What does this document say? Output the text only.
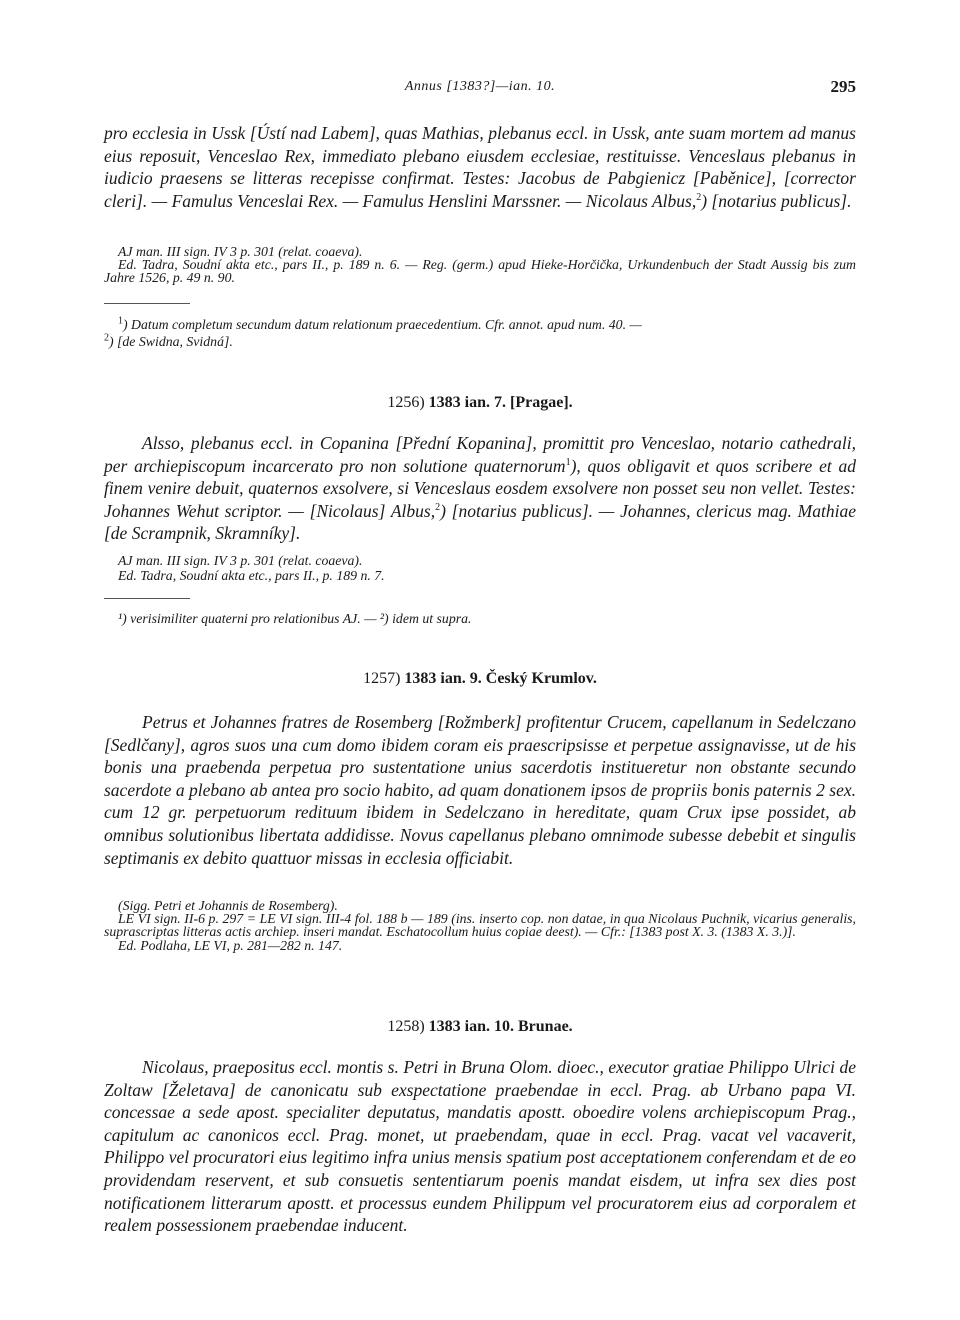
Annus [1383?]—ian. 10.	295

pro ecclesia in Ussk [Ústí nad Labem], quas Mathias, plebanus eccl. in Ussk, ante suam mortem ad manus eius reposuit, Venceslao Rex, immediato plebano eiusdem ecclesiae, restituisse. Venceslaus plebanus in iudicio praesens se litteras recepisse confirmat. Testes: Jacobus de Pabgienicz [Paběnice], [corrector cleri]. — Famulus Venceslai Rex. — Famulus Henslini Marssner. — Nicolaus Albus,$^2$) [notarius publicus].

AJ man. III sign. IV 3 p. 301 (relat. coaeva).
Ed. Tadra, Soudní akta etc., pars II., p. 189 n. 6. — Reg. (germ.) apud Hieke-Horčička, Urkundenbuch der Stadt Aussig bis zum Jahre 1526, p. 49 n. 90.
$^1$) Datum completum secundum datum relationum praecedentium. Cfr. annot. apud num. 40. —
$^2$) [de Swidna, Svidná].
1256) 1383 ian. 7. [Pragae].

Alsso, plebanus eccl. in Copanina [Přední Kopanina], promittit pro Venceslao, notario cathedrali, per archiepiscopum incarcerato pro non solutione quaternorum$^1$), quos obligavit et quos scribere et ad finem venire debuit, quaternos exsolvere, si Venceslaus eosdem exsolvere non posset seu non vellet. Testes: Johannes Wehut scriptor. — [Nicolaus] Albus,$^2$) [notarius publicus]. — Johannes, clericus mag. Mathiae [de Scrampnik, Skramníky].

AJ man. III sign. IV 3 p. 301 (relat. coaeva).
Ed. Tadra, Soudní akta etc., pars II., p. 189 n. 7.
¹) verisimiliter quaterni pro relationibus AJ. — ²) idem ut supra.
1257) 1383 ian. 9. Český Krumlov.

Petrus et Johannes fratres de Rosemberg [Rožmberk] profitentur Crucem, capellanum in Sedelczano [Sedlčany], agros suos una cum domo ibidem coram eis praescripsisse et perpetue assignavisse, ut de his bonis una praebenda perpetua pro sustentatione unius sacerdotis institueretur non obstante secundo sacerdote a plebano ab antea pro socio habito, ad quam donationem ipsos de propriis bonis paternis 2 sex. cum 12 gr. perpetuorum redituum ibidem in Sedelczano in hereditate, quam Crux ipse possidet, ab omnibus solutionibus libertata addidisse. Novus capellanus plebano omnimode subesse debebit et singulis septimanis ex debito quattuor missas in ecclesia officiabit.

(Sigg. Petri et Johannis de Rosemberg).
LE VI sign. II-6 p. 297 = LE VI sign. III-4 fol. 188 b — 189 (ins. inserto cop. non datae, in qua Nicolaus Puchnik, vicarius generalis, suprascriptas litteras actis archiep. inseri mandat. Eschatocollum huius copiae deest). — Cfr.: [1383 post X. 3. (1383 X. 3.)].
Ed. Podlaha, LE VI, p. 281—282 n. 147.
1258) 1383 ian. 10. Brunae.

Nicolaus, praepositus eccl. montis s. Petri in Bruna Olom. dioec., executor gratiae Philippo Ulrici de Zoltaw [Želetava] de canonicatu sub exspectatione praebendae in eccl. Prag. ab Urbano papa VI. concessae a sede apost. specialiter deputatus, mandatis apostt. oboedire volens archiepiscopum Prag., capitulum ac canonicos eccl. Prag. monet, ut praebendam, quae in eccl. Prag. vacat vel vacaverit, Philippo vel procuratori eius legitimo infra unius mensis spatium post acceptationem conferendam et de eo providendam reservent, et sub consuetis sententiarum poenis mandat eisdem, ut infra sex dies post notificationem litterarum apostt. et processus eundem Philippum vel procuratorem eius ad corporalem et realem possessionem praebendae inducent.
